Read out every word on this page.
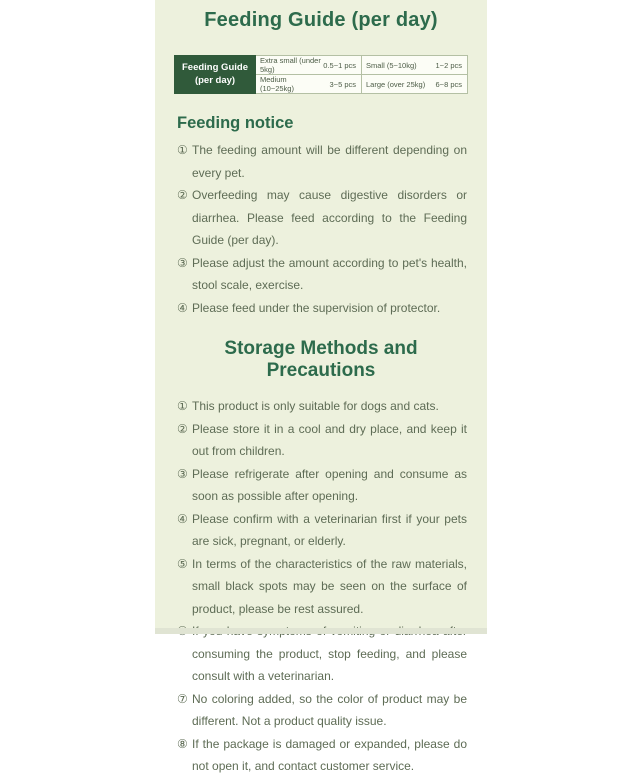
Feeding Guide (per day)
Feeding Guide
(per day)	Extra small (under 5kg)	0.5~1 pcs	Small (5~10kg)	1~2 pcs
	Medium (10~25kg)	3~5 pcs	Large (over 25kg)	6~8 pcs
Feeding notice
① The feeding amount will be different depending on every pet.
② Overfeeding may cause digestive disorders or diarrhea. Please feed according to the Feeding Guide (per day).
③ Please adjust the amount according to pet's health, stool scale, exercise.
④ Please feed under the supervision of protector.
Storage Methods and Precautions
① This product is only suitable for dogs and cats.
② Please store it in a cool and dry place, and keep it out from children.
③ Please refrigerate after opening and consume as soon as possible after opening.
④ Please confirm with a veterinarian first if your pets are sick, pregnant, or elderly.
⑤ In terms of the characteristics of the raw materials, small black spots may be seen on the surface of product, please be rest assured.
consuming the product, stop feeding, and please consult with a veterinarian.
⑦ No coloring added, so the color of product may be different. Not a product quality issue.
⑧ If the package is damaged or expanded, please do not open it, and contact customer service.
